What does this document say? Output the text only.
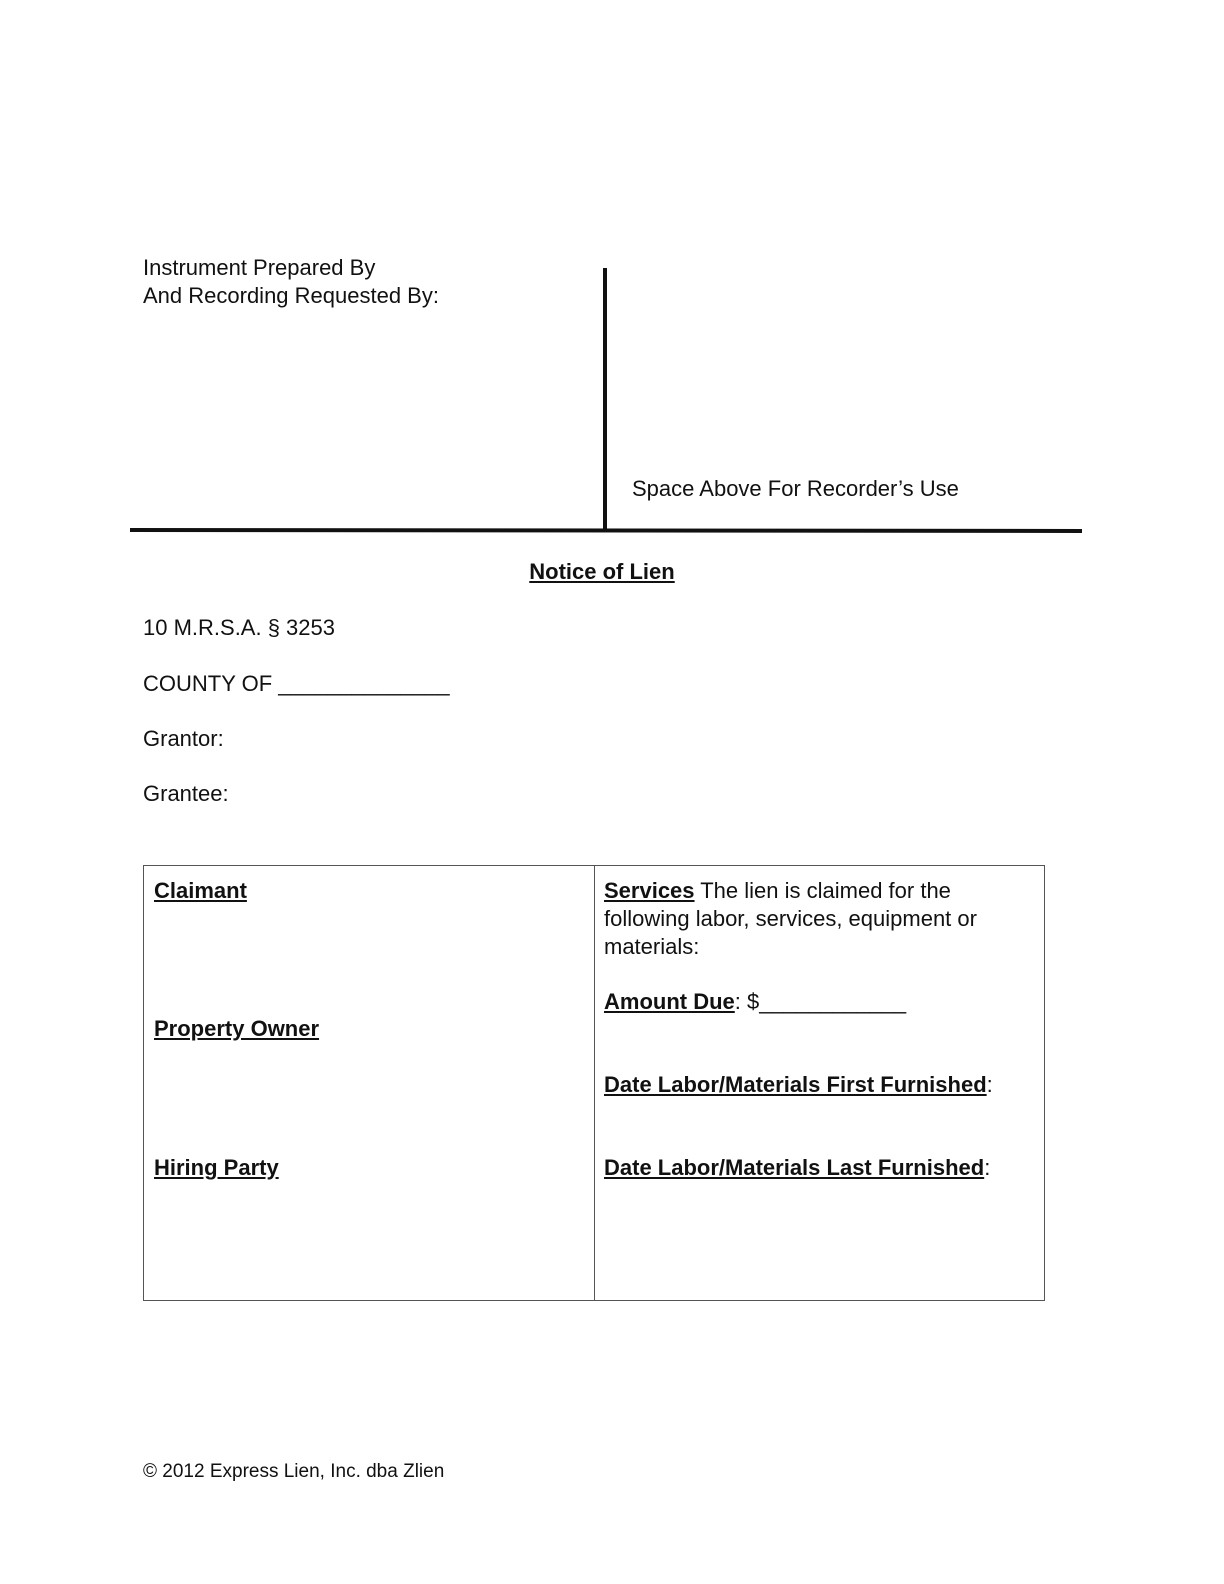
Instrument Prepared By
And Recording Requested By:
Space Above For Recorder’s Use
Notice of Lien
10 M.R.S.A. § 3253
COUNTY OF ______________
Grantor:
Grantee:
Claimant
Property Owner
Hiring Party
Services The lien is claimed for the following labor, services, equipment or materials:
Amount Due: $____________
Date Labor/Materials First Furnished:
Date Labor/Materials Last Furnished:
© 2012 Express Lien, Inc. dba Zlien
